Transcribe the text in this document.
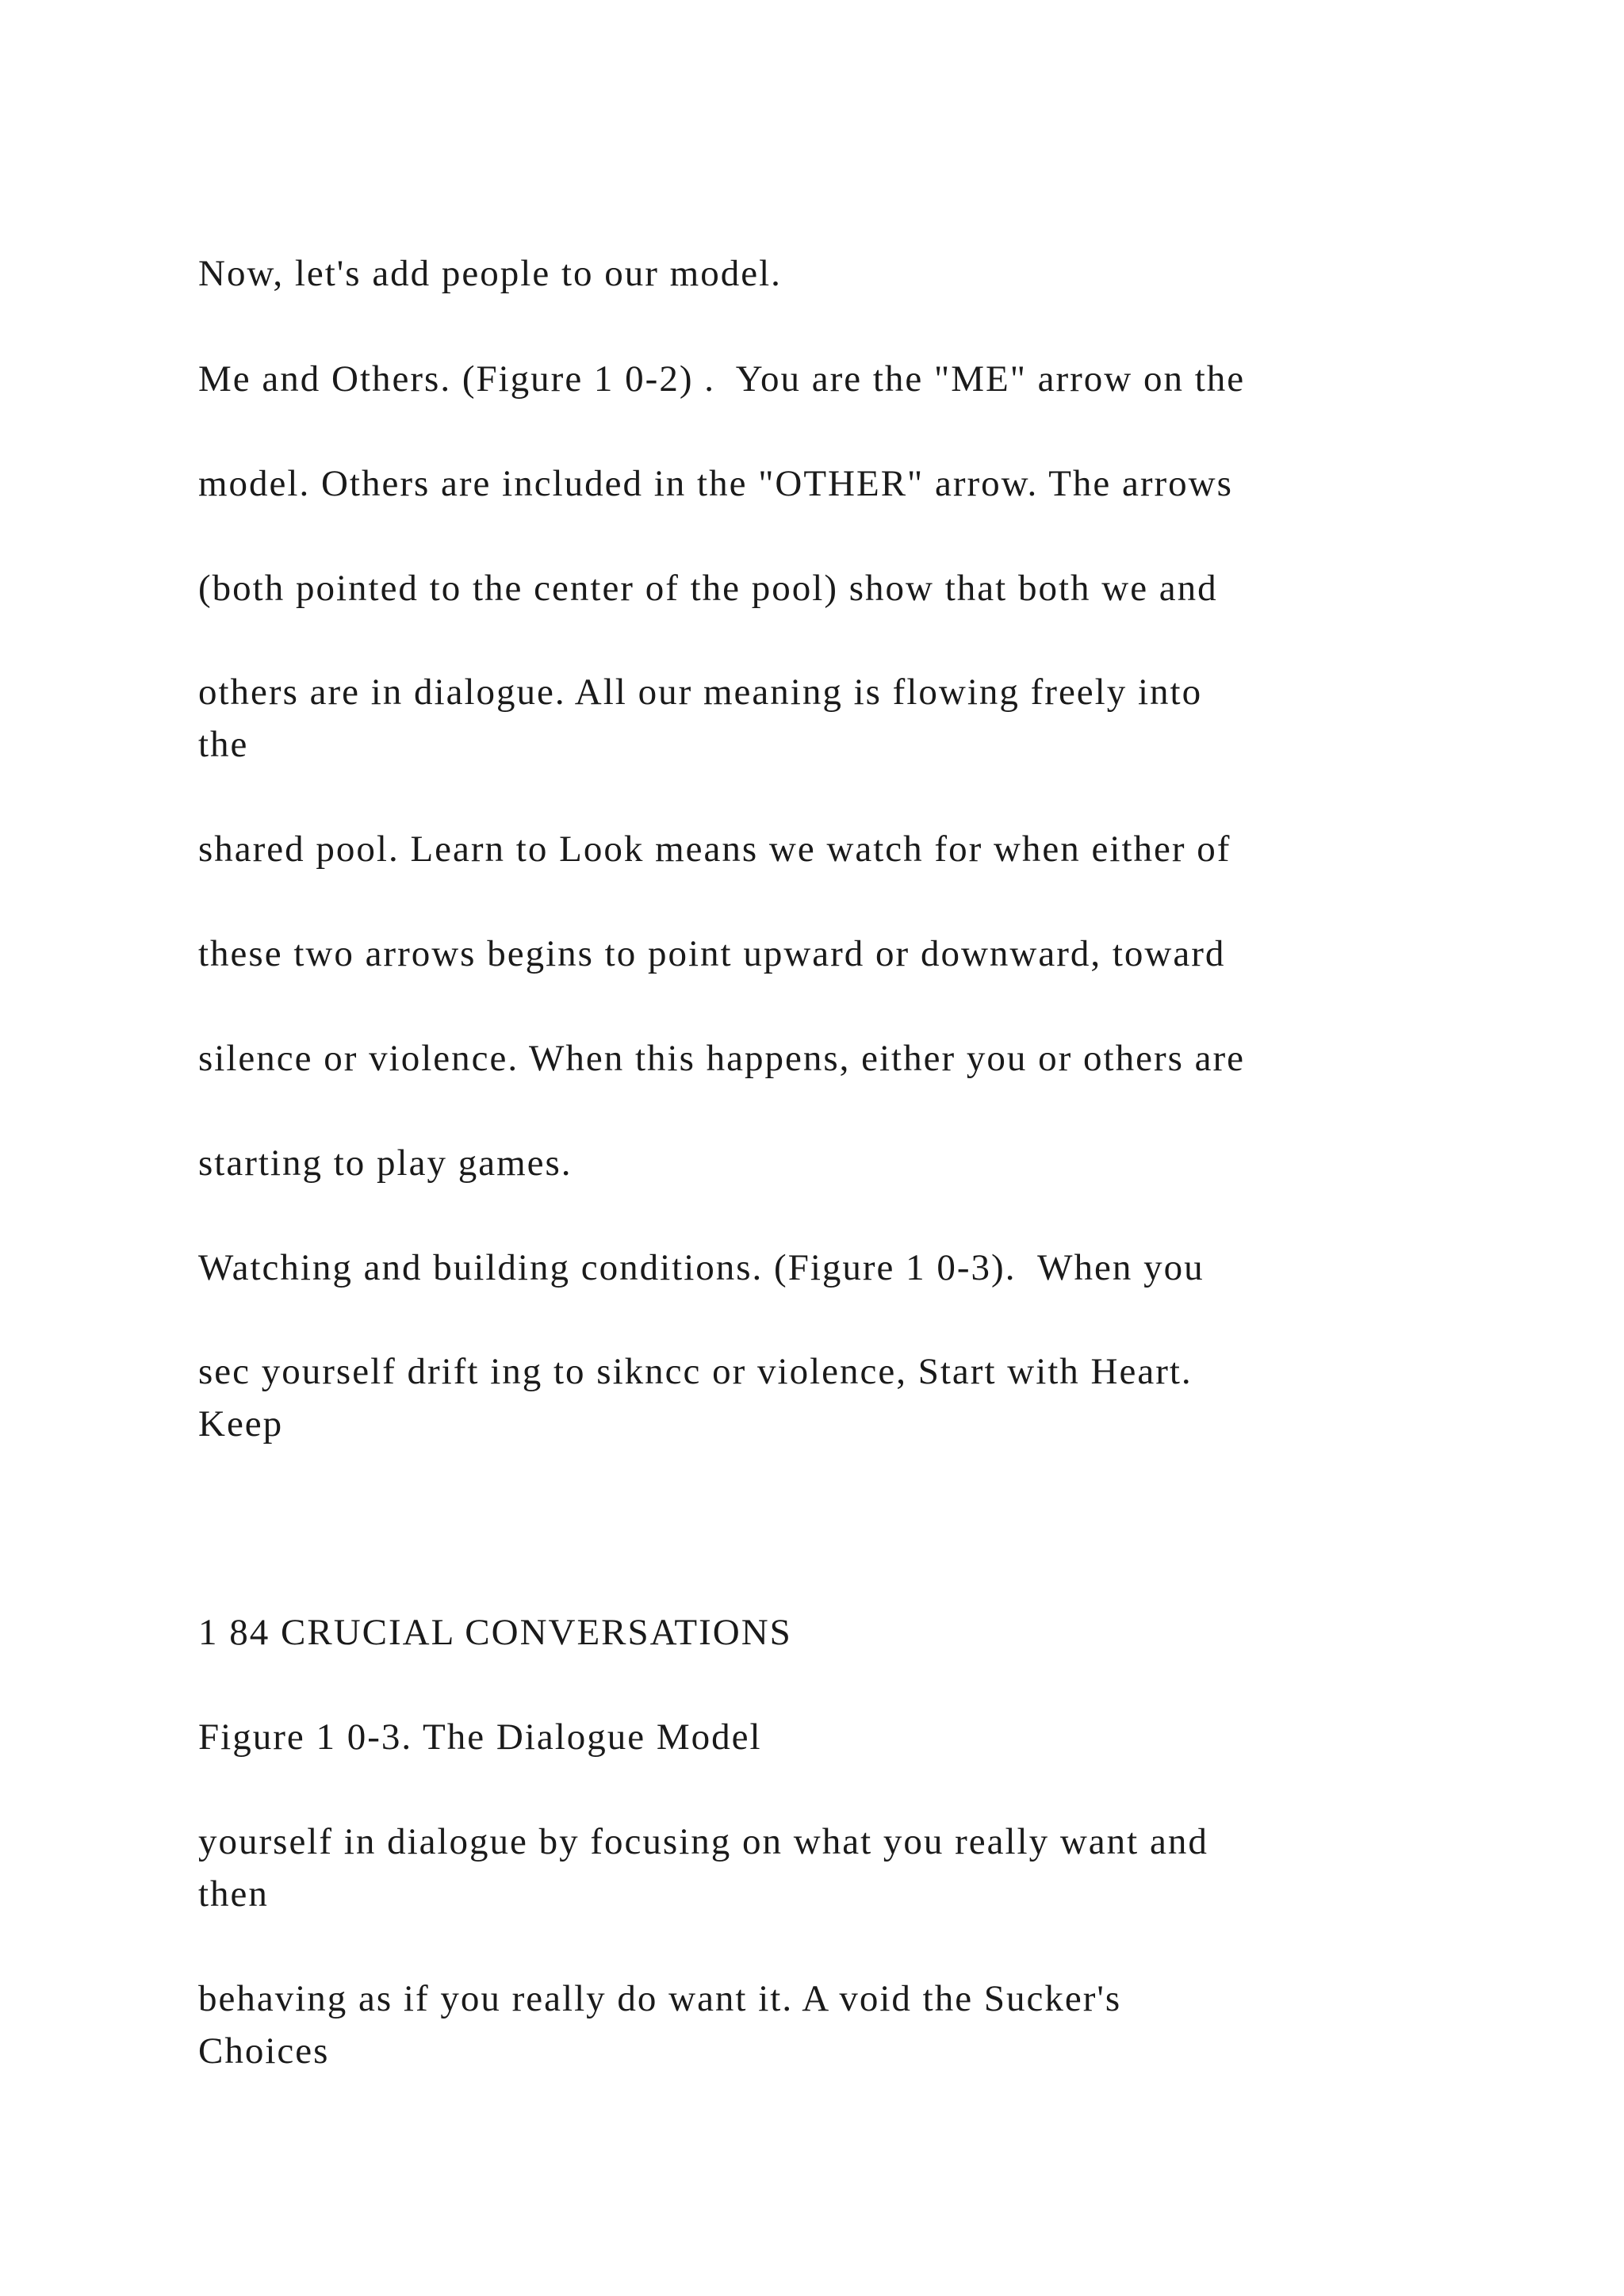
Now, let's add people to our model.
Me and Others. (Figure 1 0-2) .  You are the "ME" arrow on the
model. Others are included in the "OTHER" arrow. The arrows
(both pointed to the center of the pool) show that both we and
others are in dialogue. All our meaning is flowing freely into
the
shared pool. Learn to Look means we watch for when either of
these two arrows begins to point upward or downward, toward
silence or violence. When this happens, either you or others are
starting to play games.
Watching and building conditions. (Figure 1 0-3).  When you
sec yourself drift ing to sikncc or violence, Start with Heart.
Keep
1 84 CRUCIAL CONVERSATIONS
Figure 1 0-3. The Dialogue Model
yourself in dialogue by focusing on what you really want and
then
behaving as if you really do want it. A void the Sucker's
Choices
